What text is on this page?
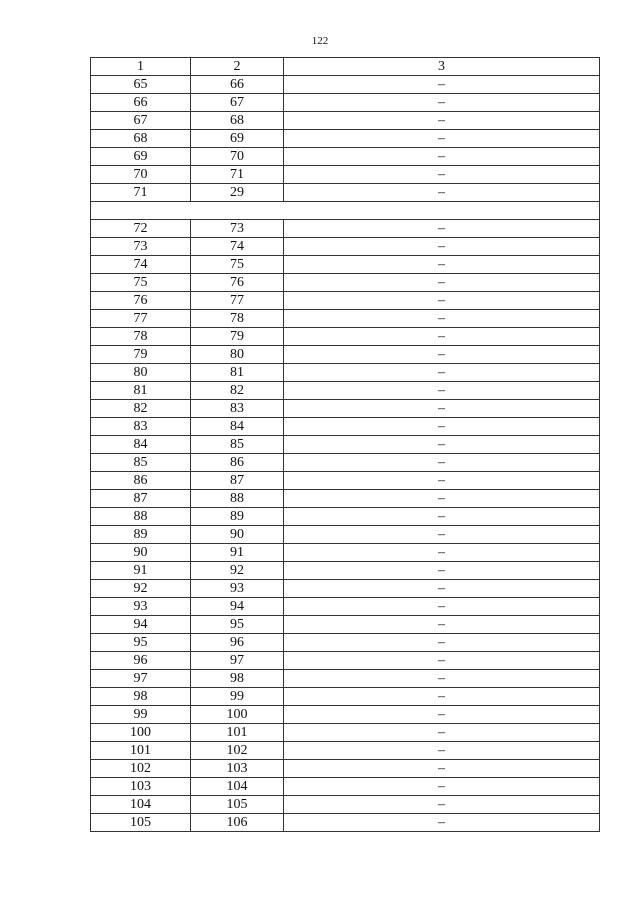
122
1	2	3
65	66	–
66	67	–
67	68	–
68	69	–
69	70	–
70	71	–
71	29	–

72	73	–
73	74	–
74	75	–
75	76	–
76	77	–
77	78	–
78	79	–
79	80	–
80	81	–
81	82	–
82	83	–
83	84	–
84	85	–
85	86	–
86	87	–
87	88	–
88	89	–
89	90	–
90	91	–
91	92	–
92	93	–
93	94	–
94	95	–
95	96	–
96	97	–
97	98	–
98	99	–
99	100	–
100	101	–
101	102	–
102	103	–
103	104	–
104	105	–
105	106	–
